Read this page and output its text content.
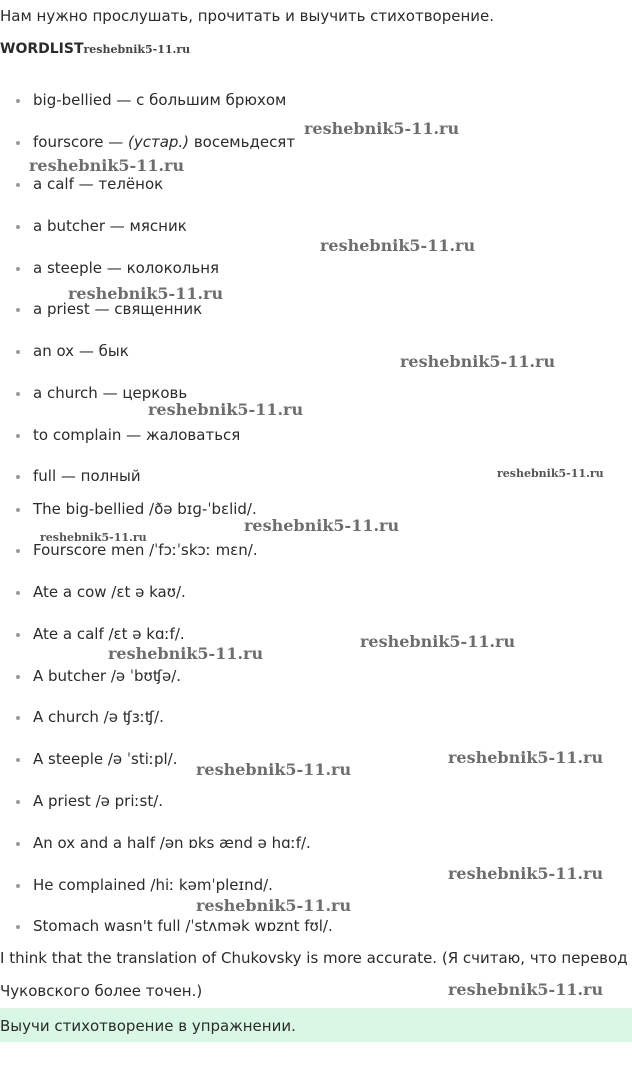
Нам нужно прослушать, прочитать и выучить стихотворение.
WORDLISTreshebnik5-11.ru
big-bellied — с большим брюхом
fourscore — (устар.) восемьдесят
a calf — телёнок
a butcher — мясник
a steeple — колокольня
a priest — священник
an ox — бык
a church — церковь
to complain — жаловаться
full — полный
The big-bellied /ðə bɪɡ-ˈbɛlid/.
Fourscore men /ˈfɔːˈskɔː mɛn/.
Ate a cow /ɛt ə kaʊ/.
Ate a calf /ɛt ə kɑːf/.
A butcher /ə ˈbʊʧə/.
A church /ə ʧɜːʧ/.
A steeple /ə ˈstiːpl/.
A priest /ə priːst/.
An ox and a half /ən ɒks ænd ə hɑːf/.
He complained /hiː kəmˈpleɪnd/.
Stomach wasn't full /ˈstʌmək wɒznt fʊl/.
I think that the translation of Chukovsky is more accurate. (Я считаю, что перевод
Чуковского более точен.)
Выучи стихотворение в упражнении.
reshebnik5-11.ru
reshebnik5-11.ru
reshebnik5-11.ru
reshebnik5-11.ru
reshebnik5-11.ru
reshebnik5-11.ru
reshebnik5-11.ru
reshebnik5-11.ru
reshebnik5-11.ru
reshebnik5-11.ru
reshebnik5-11.ru
reshebnik5-11.ru
reshebnik5-11.ru
reshebnik5-11.ru
reshebnik5-11.ru
reshebnik5-11.ru
